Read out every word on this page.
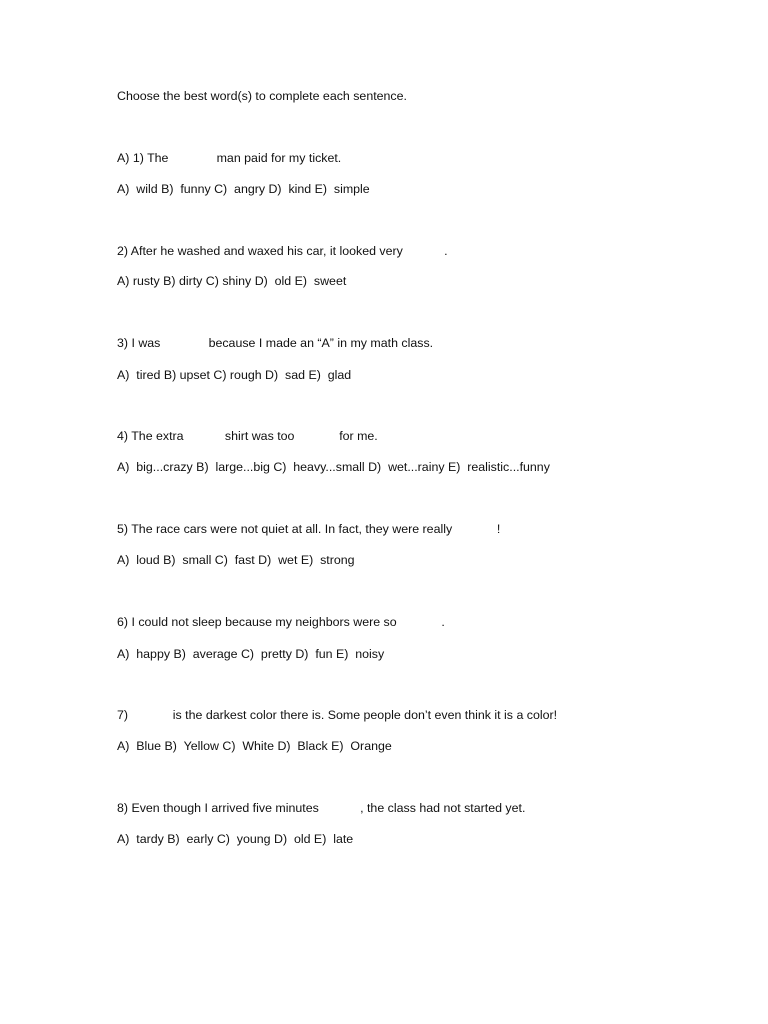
Choose the best word(s) to complete each sentence.
A) 1) The              man paid for my ticket.
A)  wild B)  funny C)  angry D)  kind E)  simple
2) After he washed and waxed his car, it looked very            .
A) rusty B) dirty C) shiny D)  old E)  sweet
3) I was              because I made an “A” in my math class.
A)  tired B) upset C) rough D)  sad E)  glad
4) The extra            shirt was too             for me.
A)  big...crazy B)  large...big C)  heavy...small D)  wet...rainy E)  realistic...funny
5) The race cars were not quiet at all. In fact, they were really             !
A)  loud B)  small C)  fast D)  wet E)  strong
6) I could not sleep because my neighbors were so             .
A)  happy B)  average C)  pretty D)  fun E)  noisy
7)             is the darkest color there is. Some people don’t even think it is a color!
A)  Blue B)  Yellow C)  White D)  Black E)  Orange
8) Even though I arrived five minutes            , the class had not started yet.
A)  tardy B)  early C)  young D)  old E)  late
